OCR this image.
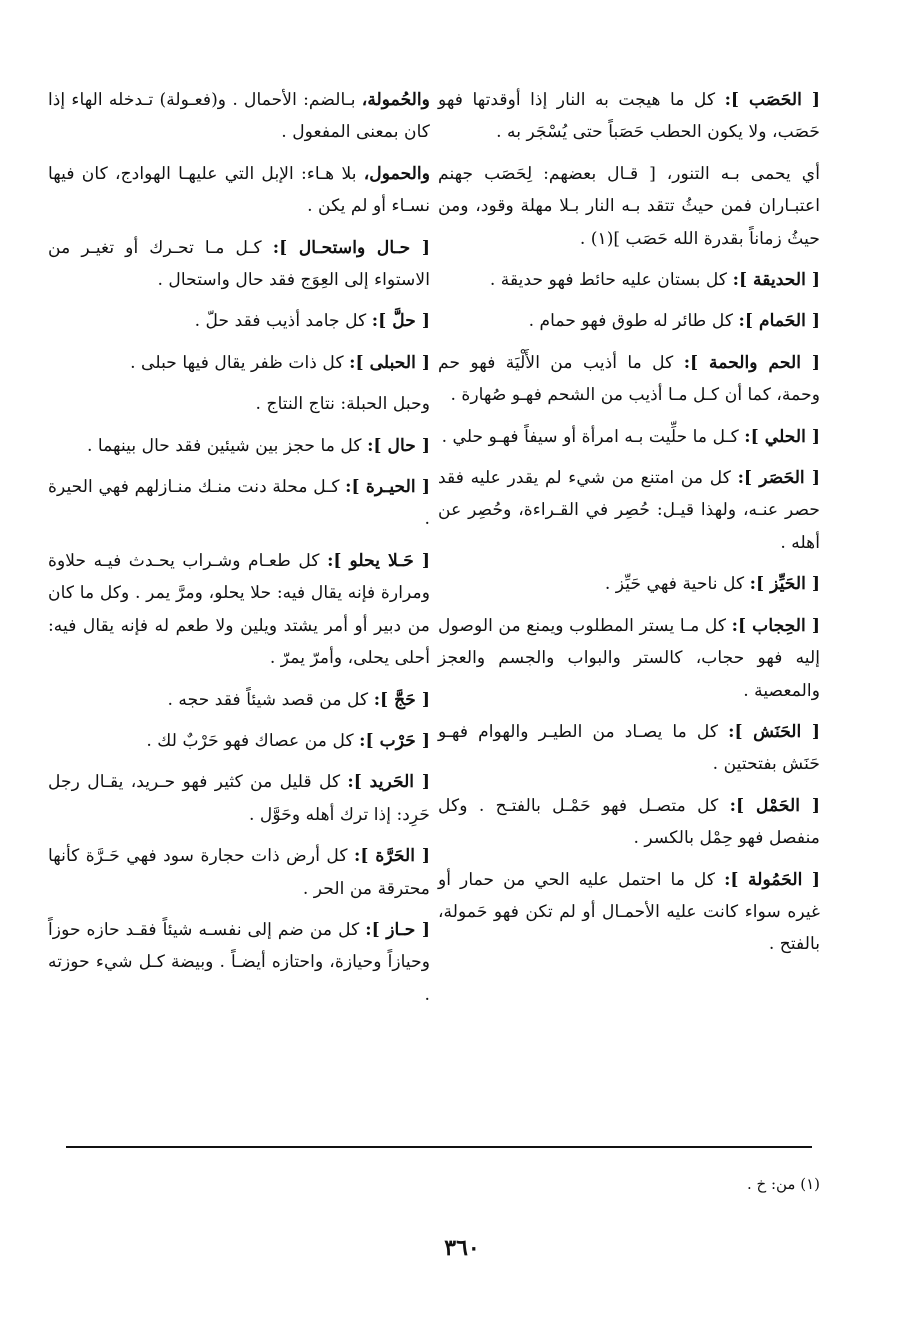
[ الحَصَب ]: كل ما هيجت به النار إذا أوقدتها فهو حَصَب، ولا يكون الحطب حَصَباً حتى يُسْجَر به .

أي يحمى بـه التنور، [ قـال بعضهم: لِحَصَب جهنم اعتبـاران فمن حيثُ تتقد بـه النار بـلا مهلة وقود، ومن حيثُ زماناً بقدرة الله حَصَب ](١) .

[ الحديقة ]: كل بستان عليه حائط فهو حديقة .

[ الحَمام ]: كل طائر له طوق فهو حمام .

[ الحم والحمة ]: كل ما أذيب من الأَلْيَة فهو حم وحمة، كما أن كـل مـا أذيب من الشحم فهـو صُهارة .

[ الحلي ]: كـل ما حلِّيت بـه امرأة أو سيفاً فهـو حلي .

[ الحَصَر ]: كل من امتنع من شيء لم يقدر عليه فقد حصر عنـه، ولهذا قيـل: حُصِر في القـراءة، وحُصِر عن أهله .

[ الحَيِّز ]: كل ناحية فهي حَيِّز .

[ الحِجاب ]: كل مـا يستر المطلوب ويمنع من الوصول إليه فهو حجاب، كالستر والبواب والجسم والعجز والمعصية .

[ الحَنَش ]: كل ما يصـاد من الطيـر والهوام فهـو حَنَش بفتحتين .

[ الحَمْل ]: كل متصـل فهو حَمْـل بالفتـح . وكل منفصل فهو حِمْل بالكسر .

[ الحَمُولة ]: كل ما احتمل عليه الحي من حمار أو غيره سواء كانت عليه الأحمـال أو لم تكن فهو حَمولة، بالفتح .

والحُمولة، بـالضم: الأحمال . و(فعـولة) تـدخله الهاء إذا كان بمعنى المفعول .

والحمول، بلا هـاء: الإبل التي عليهـا الهوادج، كان فيها نسـاء أو لم يكن .

[ حـال واستحـال ]: كـل مـا تحـرك أو تغيـر من الاستواء إلى العِوَج فقد حال واستحال .

[ حلَّ ]: كل جامد أذيب فقد حلّ .

[ الحبلى ]: كل ذات ظفر يقال فيها حبلى .

وحبل الحبلة: نتاج النتاج .

[ حال ]: كل ما حجز بين شيئين فقد حال بينهما .

[ الحيـرة ]: كـل محلة دنت منـك منـازلهم فهي الحيرة .

[ حَـلا يحلو ]: كل طعـام وشـراب يحـدث فيـه حلاوة ومرارة فإنه يقال فيه: حلا يحلو، ومرَّ يمر . وكل ما كان من دبير أو أمر يشتد ويلين ولا طعم له فإنه يقال فيه: أحلى يحلى، وأمرّ يمرّ .

[ حَجَّ ]: كل من قصد شيئاً فقد حجه .

[ حَرْب ]: كل من عصاك فهو حَرْبٌ لك .

[ الحَريد ]: كل قليل من كثير فهو حـريد، يقـال رجل حَرِد: إذا ترك أهله وحَوَّل .

[ الحَرَّة ]: كل أرض ذات حجارة سود فهي حَـرَّة كأنها محترقة من الحر .

[ حـاز ]: كل من ضم إلى نفسـه شيئاً فقـد حازه حوزاً وحيازاً وحيازة، واحتازه أيضـاً . وبيضة كـل شيء حوزته .

(١) من: خ .
٣٦٠
